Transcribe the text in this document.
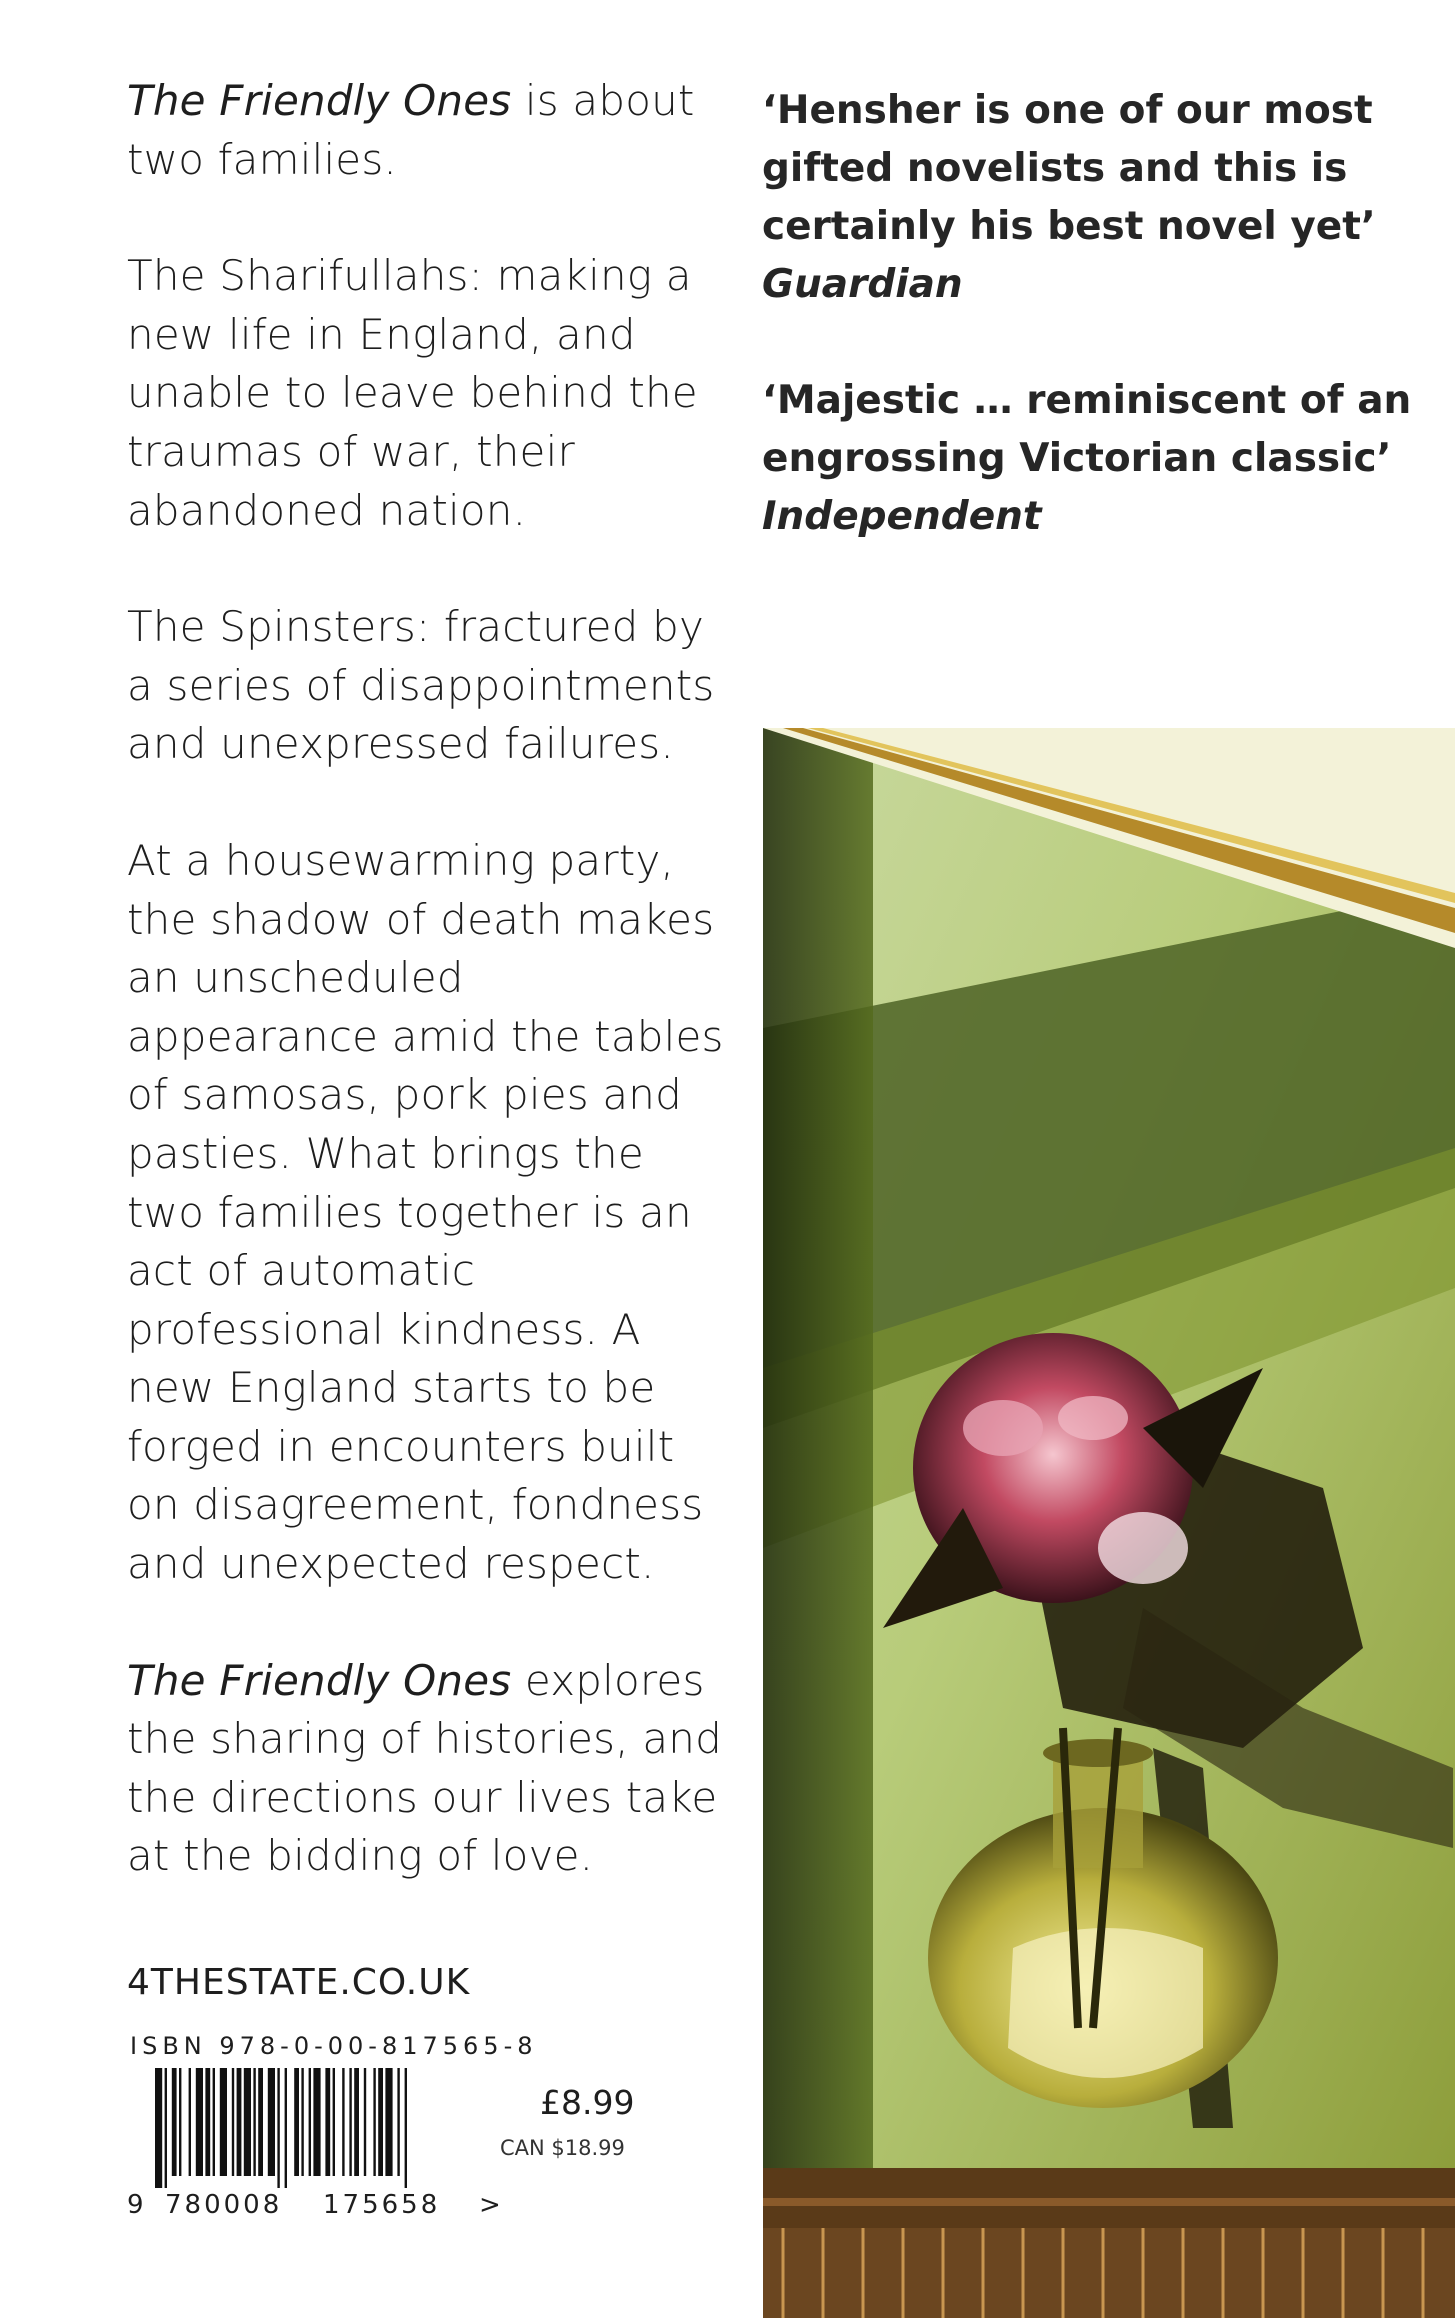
The Friendly Ones is about two families.

The Sharifullahs: making a new life in England, and unable to leave behind the traumas of war, their abandoned nation.

The Spinsters: fractured by a series of disappointments and unexpressed failures.

At a housewarming party, the shadow of death makes an unscheduled appearance amid the tables of samosas, pork pies and pasties. What brings the two families together is an act of automatic professional kindness. A new England starts to be forged in encounters built on disagreement, fondness and unexpected respect.

The Friendly Ones explores the sharing of histories, and the directions our lives take at the bidding of love.

‘Hensher is one of our most gifted novelists and this is certainly his best novel yet’

Guardian

‘Majestic … reminiscent of an engrossing Victorian classic’

Independent

4THESTATE.CO.UK
ISBN 978-0-00-817565-8
9 780008 175658 >
£8.99
CAN $18.99
